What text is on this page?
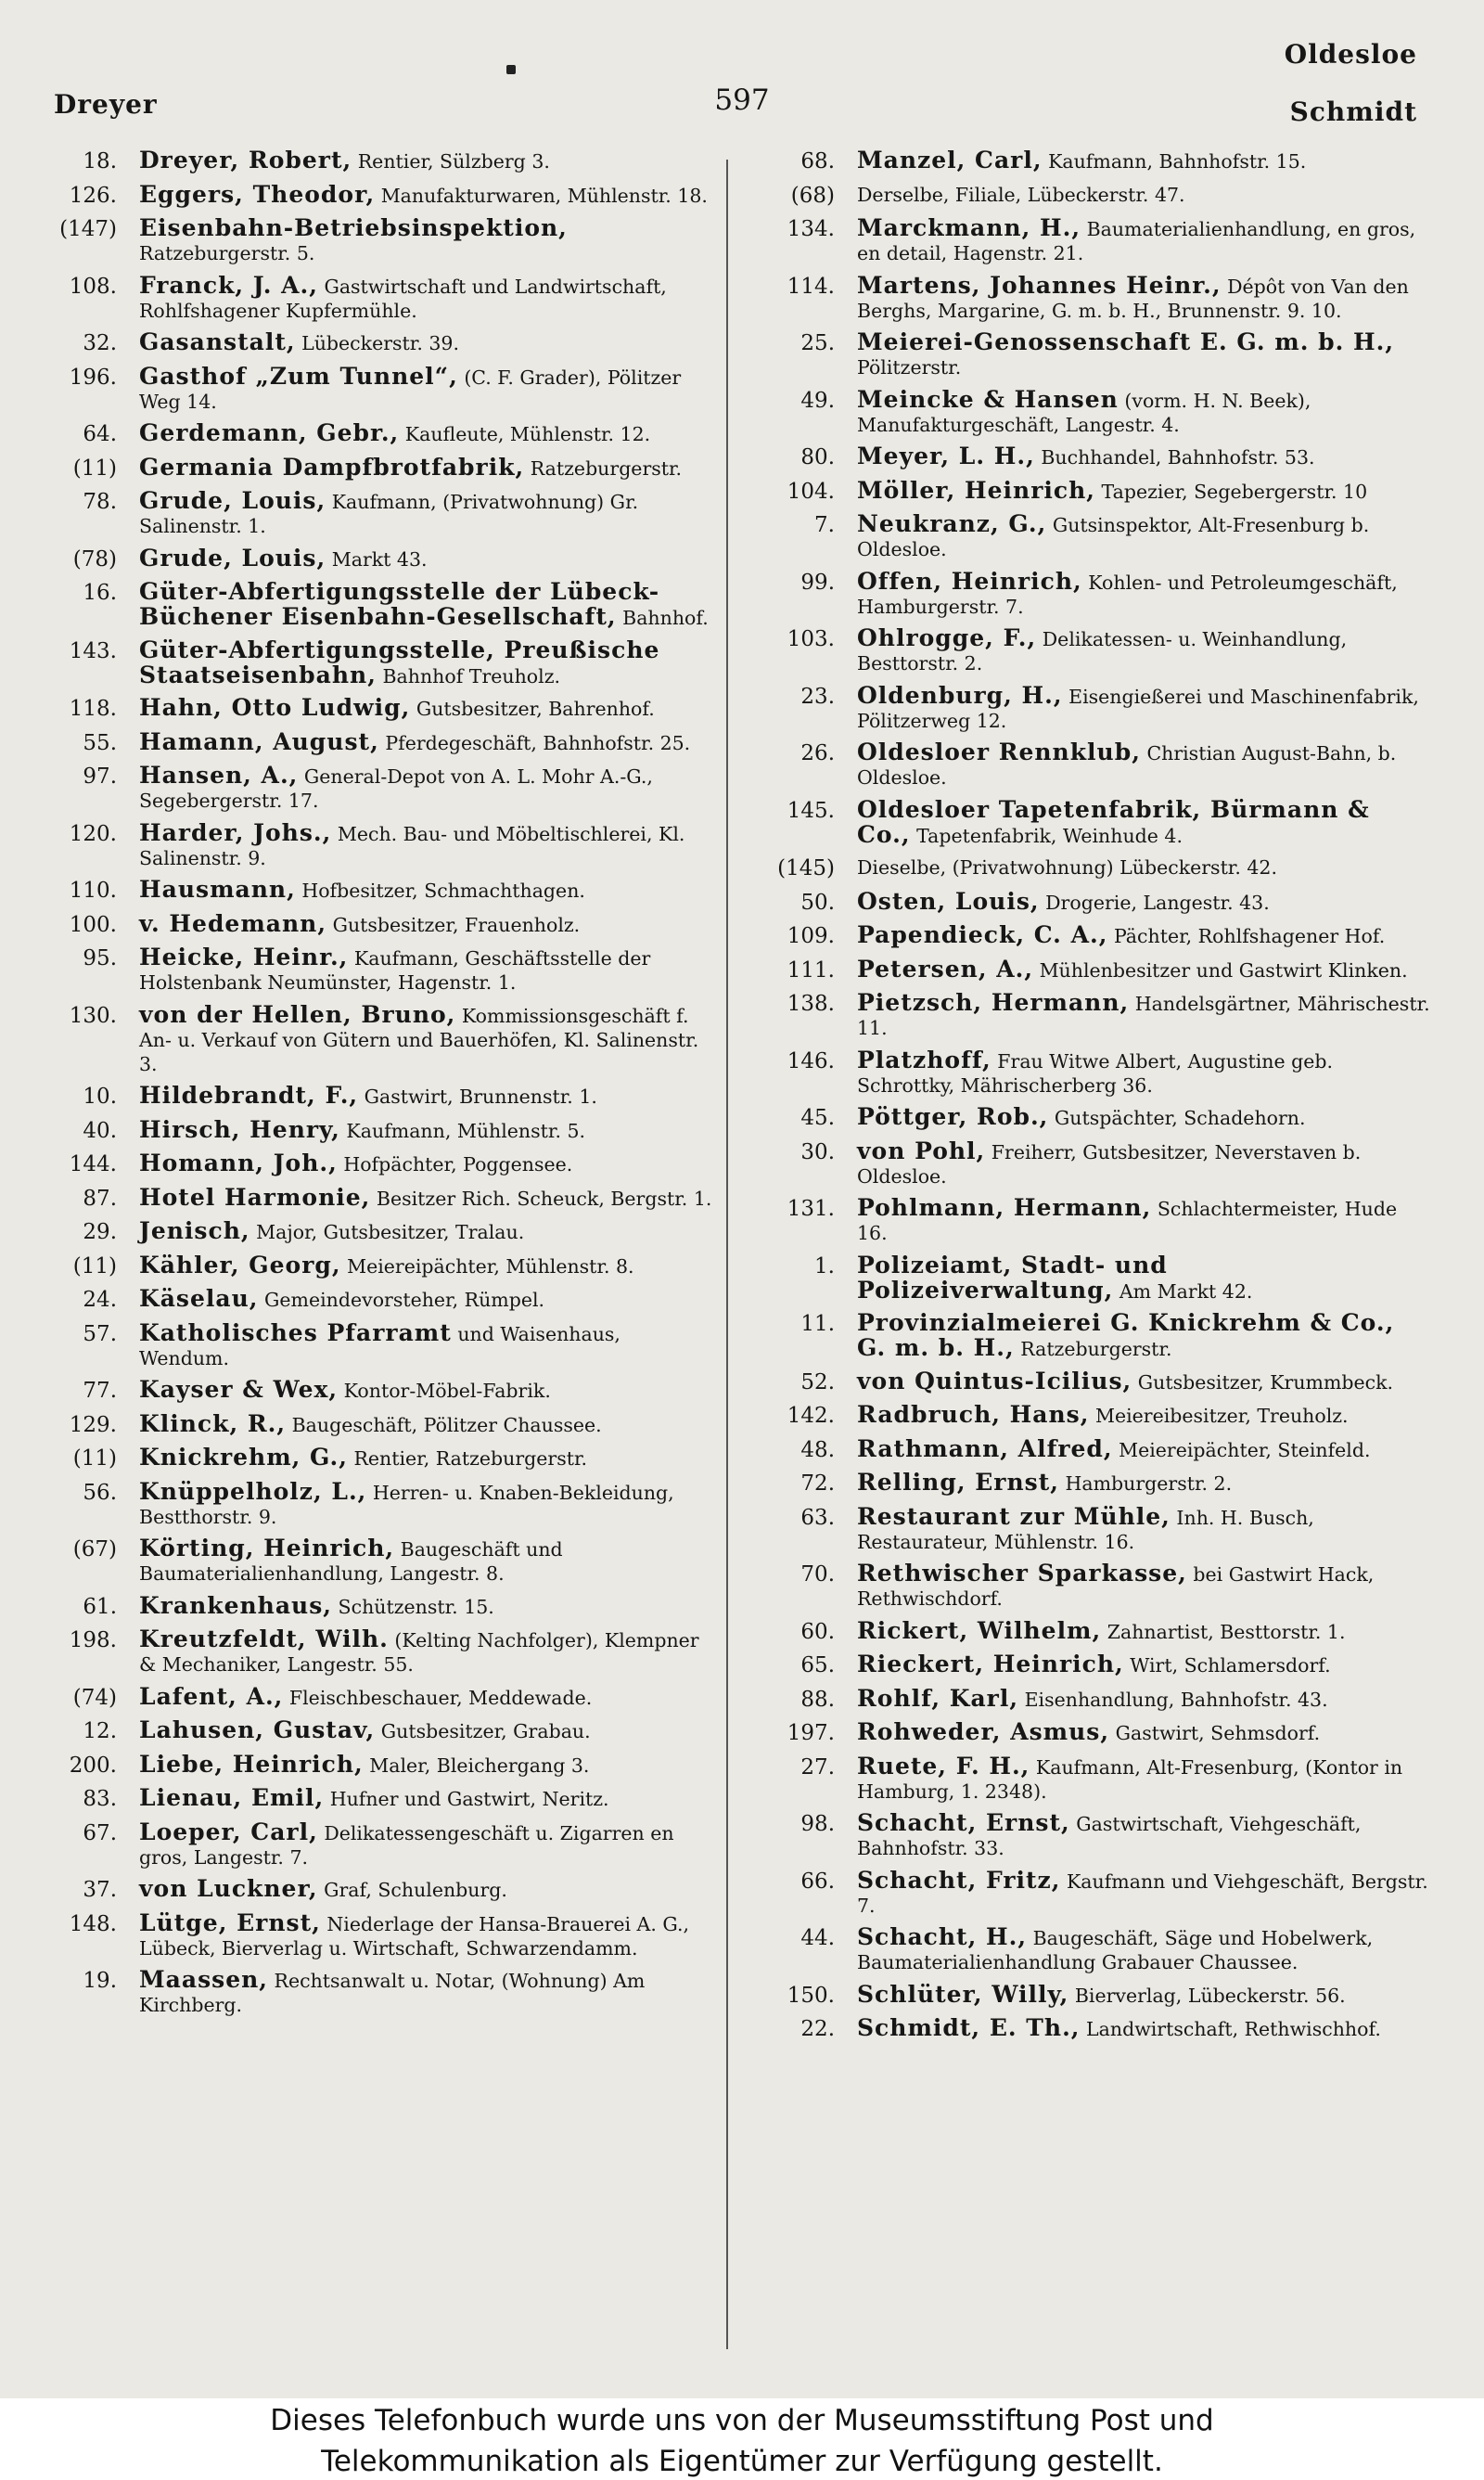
Dreyer	597
Oldesloe
Schmidt
18. Dreyer, Robert, Rentier, Sülzberg 3.
126. Eggers, Theodor, Manufakturwaren, Mühlenstr. 18.
(147) Eisenbahn-Betriebsinspektion, Ratzeburgerstr. 5.
108. Franck, J. A., Gastwirtschaft und Landwirtschaft, Rohlfshagener Kupfermühle.
32. Gasanstalt, Lübeckerstr. 39.
196. Gasthof „Zum Tunnel“, (C. F. Grader), Pölitzer Weg 14.
64. Gerdemann, Gebr., Kaufleute, Mühlenstr. 12.
(11) Germania Dampfbrotfabrik, Ratzeburgerstr.
78. Grude, Louis, Kaufmann, (Privatwohnung) Gr. Salinenstr. 1.
(78) Grude, Louis, Markt 43.
16. Güter-Abfertigungsstelle der Lübeck-Büchener Eisenbahn-Gesellschaft, Bahnhof.
143. Güter-Abfertigungsstelle, Preußische Staatseisenbahn, Bahnhof Treuholz.
118. Hahn, Otto Ludwig, Gutsbesitzer, Bahrenhof.
55. Hamann, August, Pferdegeschäft, Bahnhofstr. 25.
97. Hansen, A., General-Depot von A. L. Mohr A.-G., Segebergerstr. 17.
120. Harder, Johs., Mech. Bau- und Möbeltischlerei, Kl. Salinenstr. 9.
110. Hausmann, Hofbesitzer, Schmachthagen.
100. v. Hedemann, Gutsbesitzer, Frauenholz.
95. Heicke, Heinr., Kaufmann, Geschäftsstelle der Holstenbank Neumünster, Hagenstr. 1.
130. von der Hellen, Bruno, Kommissionsgeschäft f. An- u. Verkauf von Gütern und Bauerhöfen, Kl. Salinenstr. 3.
10. Hildebrandt, F., Gastwirt, Brunnenstr. 1.
40. Hirsch, Henry, Kaufmann, Mühlenstr. 5.
144. Homann, Joh., Hofpächter, Poggensee.
87. Hotel Harmonie, Besitzer Rich. Scheuck, Bergstr. 1.
29. Jenisch, Major, Gutsbesitzer, Tralau.
(11) Kähler, Georg, Meiereipächter, Mühlenstr. 8.
24. Käselau, Gemeindevorsteher, Rümpel.
57. Katholisches Pfarramt und Waisenhaus, Wendum.
77. Kayser & Wex, Kontor-Möbel-Fabrik.
129. Klinck, R., Baugeschäft, Pölitzer Chaussee.
(11) Knickrehm, G., Rentier, Ratzeburgerstr.
56. Knüppelholz, L., Herren- u. Knaben-Bekleidung, Bestthorstr. 9.
(67) Körting, Heinrich, Baugeschäft und Baumaterialienhandlung, Langestr. 8.
61. Krankenhaus, Schützenstr. 15.
198. Kreutzfeldt, Wilh. (Kelting Nachfolger), Klempner & Mechaniker, Langestr. 55.
(74) Lafent, A., Fleischbeschauer, Meddewade.
12. Lahusen, Gustav, Gutsbesitzer, Grabau.
200. Liebe, Heinrich, Maler, Bleichergang 3.
83. Lienau, Emil, Hufner und Gastwirt, Neritz.
67. Loeper, Carl, Delikatessengeschäft u. Zigarren en gros, Langestr. 7.
37. von Luckner, Graf, Schulenburg.
148. Lütge, Ernst, Niederlage der Hansa-Brauerei A. G., Lübeck, Bierverlag u. Wirtschaft, Schwarzendamm.
19. Maassen, Rechtsanwalt u. Notar, (Wohnung) Am Kirchberg.
68. Manzel, Carl, Kaufmann, Bahnhofstr. 15.
(68)	Derselbe, Filiale, Lübeckerstr. 47.
134. Marckmann, H., Baumaterialienhandlung, en gros, en detail, Hagenstr. 21.
114. Martens, Johannes Heinr., Dépôt von Van den Berghs, Margarine, G. m. b. H., Brunnenstr. 9. 10.
25. Meierei-Genossenschaft E. G. m. b. H., Pölitzerstr.
49. Meincke & Hansen (vorm. H. N. Beek), Manufakturgeschäft, Langestr. 4.
80. Meyer, L. H., Buchhandel, Bahnhofstr. 53.
104. Möller, Heinrich, Tapezier, Segebergerstr. 10
7. Neukranz, G., Gutsinspektor, Alt-Fresenburg b. Oldesloe.
99. Offen, Heinrich, Kohlen- und Petroleumgeschäft, Hamburgerstr. 7.
103. Ohlrogge, F., Delikatessen- u. Weinhandlung, Besttorstr. 2.
23. Oldenburg, H., Eisengießerei und Maschinenfabrik, Pölitzerweg 12.
26. Oldesloer Rennklub, Christian August-Bahn, b. Oldesloe.
145. Oldesloer Tapetenfabrik, Bürmann & Co., Tapetenfabrik, Weinhude 4.
(145)	Dieselbe, (Privatwohnung) Lübeckerstr. 42.
50. Osten, Louis, Drogerie, Langestr. 43.
109. Papendieck, C. A., Pächter, Rohlfshagener Hof.
111. Petersen, A., Mühlenbesitzer und Gastwirt Klinken.
138. Pietzsch, Hermann, Handelsgärtner, Mährischestr. 11.
146. Platzhoff, Frau Witwe Albert, Augustine geb. Schrottky, Mährischerberg 36.
45. Pöttger, Rob., Gutspächter, Schadehorn.
30. von Pohl, Freiherr, Gutsbesitzer, Neverstaven b. Oldesloe.
131. Pohlmann, Hermann, Schlachtermeister, Hude 16.
1. Polizeiamt, Stadt- und Polizeiverwaltung, Am Markt 42.
11. Provinzialmeierei G. Knickrehm & Co., G. m. b. H., Ratzeburgerstr.
52. von Quintus-Icilius, Gutsbesitzer, Krummbeck.
142. Radbruch, Hans, Meiereibesitzer, Treuholz.
48. Rathmann, Alfred, Meiereipächter, Steinfeld.
72. Relling, Ernst, Hamburgerstr. 2.
63. Restaurant zur Mühle, Inh. H. Busch, Restaurateur, Mühlenstr. 16.
70. Rethwischer Sparkasse, bei Gastwirt Hack, Rethwischdorf.
60. Rickert, Wilhelm, Zahnartist, Besttorstr. 1.
65. Rieckert, Heinrich, Wirt, Schlamersdorf.
88. Rohlf, Karl, Eisenhandlung, Bahnhofstr. 43.
197. Rohweder, Asmus, Gastwirt, Sehmsdorf.
27. Ruete, F. H., Kaufmann, Alt-Fresenburg, (Kontor in Hamburg, 1. 2348).
98. Schacht, Ernst, Gastwirtschaft, Viehgeschäft, Bahnhofstr. 33.
66. Schacht, Fritz, Kaufmann und Viehgeschäft, Bergstr. 7.
44. Schacht, H., Baugeschäft, Säge und Hobelwerk, Baumaterialienhandlung Grabauer Chaussee.
150. Schlüter, Willy, Bierverlag, Lübeckerstr. 56.
22. Schmidt, E. Th., Landwirtschaft, Rethwischhof.
Dieses Telefonbuch wurde uns von der Museumsstiftung Post und
Telekommunikation als Eigentümer zur Verfügung gestellt.
